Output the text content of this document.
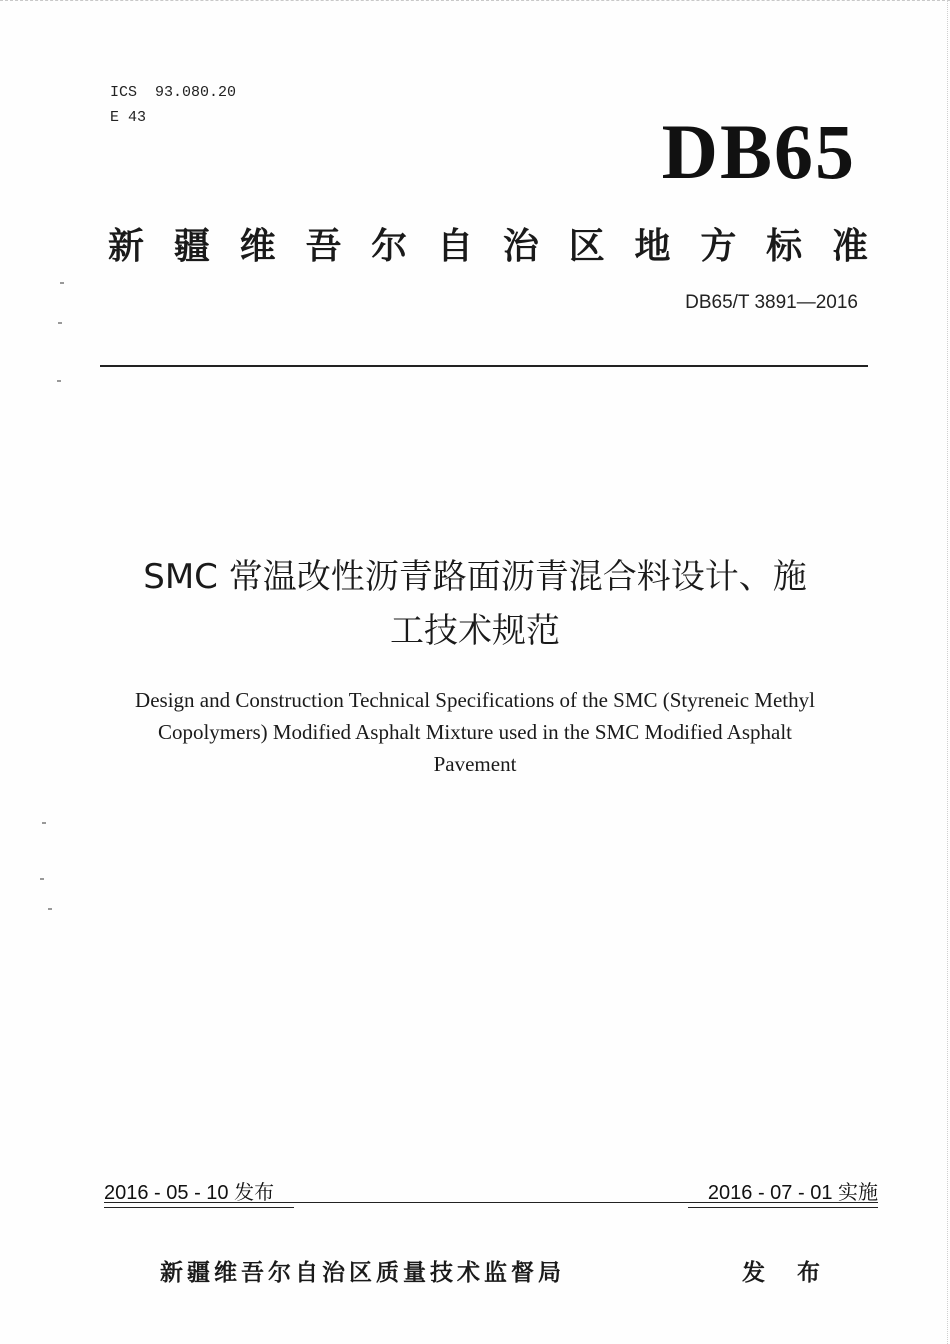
ICS  93.080.20
E 43	DB65
新 疆 维 吾 尔 自 治 区 地 方 标 准
DB65/T 3891—2016
SMC 常温改性沥青路面沥青混合料设计、施
工技术规范
Design and Construction Technical Specifications of the SMC (Styreneic Methyl
Copolymers) Modified Asphalt Mixture used in the SMC Modified Asphalt
Pavement
2016 - 05 - 10 发布	2016 - 07 - 01 实施
新疆维吾尔自治区质量技术监督局	发 布
